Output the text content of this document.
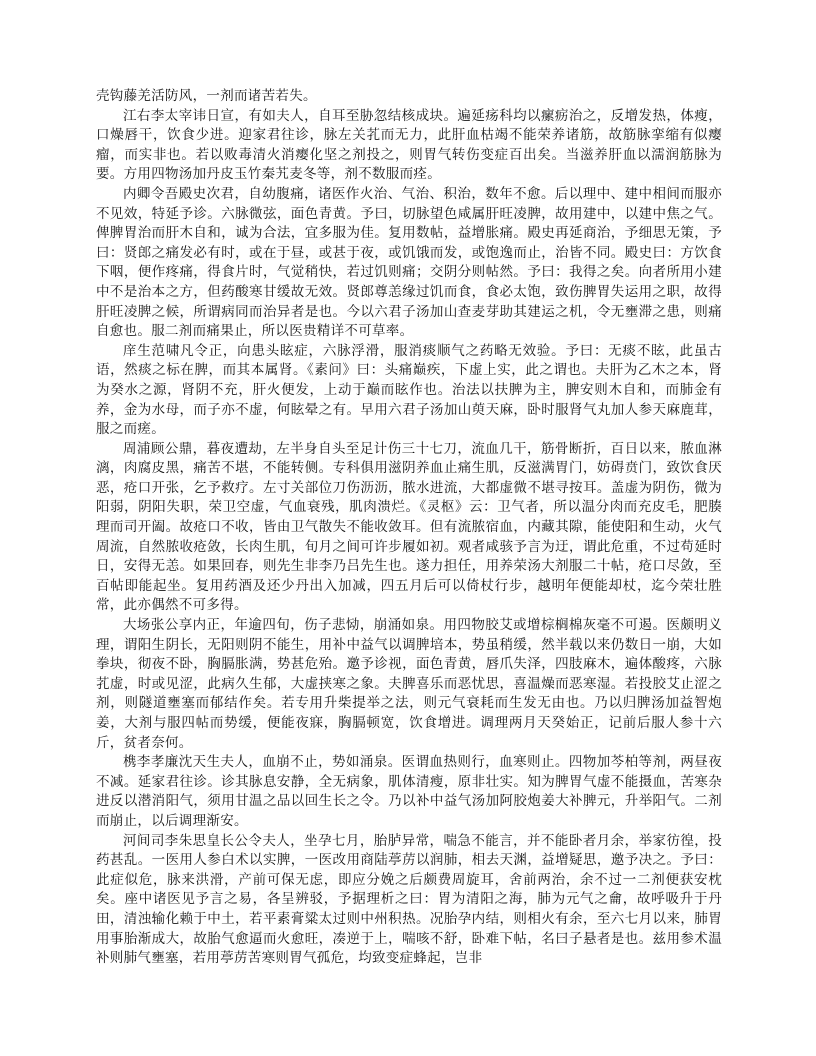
壳钩藤羌活防风，一剂而诸苦若失。

江右李太宰讳日宣，有如夫人，自耳至胁忽结核成块。遍延疡科均以瘰疬治之，反增发热，体瘦，口燥唇干，饮食少进。迎家君往诊，脉左关芤而无力，此肝血枯竭不能荣养诸筋，故筋脉挛缩有似瘿瘤，而实非也。若以败毒清火消瘿化坚之剂投之，则胃气转伤变症百出矣。当滋养肝血以濡润筋脉为要。方用四物汤加丹皮玉竹秦艽麦冬等，剂不数服而痊。

内卿令吾殿史次君，自幼腹痛，诸医作火治、气治、积治，数年不愈。后以理中、建中相间而服亦不见效，特延予诊。六脉微弦，面色青黄。予曰，切脉望色咸属肝旺凌脾，故用建中，以建中焦之气。俾脾胃治而肝木自和，诚为合法，宜多服为佳。复用数帖，益增胀痛。殿史再延商治，予细思无策，予曰：贤郎之痛发必有时，或在于昼，或甚于夜，或饥饿而发，或饱逸而止，治皆不同。殿史曰：方饮食下咽，便作疼痛，得食片时，气觉稍快，若过饥则痛；交阴分则帖然。予曰：我得之矣。向者所用小建中不是治本之方，但药酸寒甘缓故无效。贤郎尊恙缘过饥而食，食必太饱，致伤脾胃失运用之职，故得肝旺凌脾之候，所谓病同而治异者是也。今以六君子汤加山查麦芽助其建运之机，令无壅滞之患，则痛自愈也。服二剂而痛果止，所以医贵精详不可草率。

庠生范啸凡令正，向患头眩症，六脉浮滑，服消痰顺气之药略无效验。予曰：无痰不眩，此虽古语，然痰之标在脾，而其本属肾。《素问》曰：头痛巅疾，下虚上实，此之谓也。夫肝为乙木之本，肾为癸水之源，肾阴不充，肝火便发，上动于巅而眩作也。治法以扶脾为主，脾安则木自和，而肺金有养，金为水母，而子亦不虚，何眩晕之有。早用六君子汤加山萸天麻，卧时服肾气丸加人参天麻鹿茸，服之而瘥。

周浦顾公鼎，暮夜遭劫，左半身自头至足计伤三十七刀，流血几干，筋骨断折，百日以来，脓血淋漓，肉腐皮黑，痛苦不堪，不能转侧。专科俱用滋阴养血止痛生肌，反滋满胃门，妨碍贲门，致饮食厌恶，疮口开张，乞予救疗。左寸关部位刀伤沥沥，脓水进流，大都虚微不堪寻按耳。盖虚为阴伤，微为阳弱，阴阳失职，荣卫空虚，气血衰残，肌肉溃烂。《灵枢》云：卫气者，所以温分肉而充皮毛，肥腠理而司开阖。故疮口不收，皆由卫气散失不能收敛耳。但有流脓宿血，内藏其隙，能使阳和生动，火气周流，自然脓收疮敛，长肉生肌，旬月之间可许步履如初。观者咸骇予言为迂，谓此危重，不过苟延时日，安得无恙。如果回春，则先生非李乃吕先生也。遂力担任，用养荣汤大剂服二十帖，疮口尽敛，至百帖即能起坐。复用药酒及还少丹出入加减，四五月后可以倚杖行步，越明年便能却杖，迄今荣壮胜常，此亦偶然不可多得。

大场张公享内正，年逾四旬，伤子悲恸，崩涌如泉。用四物胶艾或增棕榈棉灰毫不可遏。医颇明义理，谓阳生阴长，无阳则阴不能生，用补中益气以调脾培本，势虽稍缓，然半载以来仍数日一崩，大如拳块，彻夜不卧，胸膈胀满，势甚危殆。邀予诊视，面色青黄，唇爪失泽，四肢麻木，遍体酸疼，六脉芤虚，时或见涩，此病久生郁，大虚挟寒之象。夫脾喜乐而恶忧思，喜温燥而恶寒湿。若投胶艾止涩之剂，则隧道壅塞而郁结作矣。若专用升柴提举之法，则元气衰耗而生发无由也。乃以归脾汤加益智炮姜，大剂与服四帖而势缓，便能夜寐，胸膈顿宽，饮食增进。调理两月天癸始正，记前后服人参十六斤，贫者奈何。

槜李孝廉沈天生夫人，血崩不止，势如涌泉。医谓血热则行，血寒则止。四物加芩柏等剂，两昼夜不减。延家君往诊。诊其脉息安静，全无病象，肌体清瘦，原非壮实。知为脾胃气虚不能摄血，苦寒杂进反以潜消阳气，须用甘温之品以回生长之令。乃以补中益气汤加阿胶炮姜大补脾元，升举阳气。二剂而崩止，以后调理渐安。

河间司李朱思皇长公令夫人，坐孕七月，胎胪异常，喘急不能言，并不能卧者月余，举家彷徨，投药甚乱。一医用人参白术以实脾，一医改用商陆葶苈以润肺，相去天渊，益增疑思，邀予决之。予曰：此症似危，脉来洪滑，产前可保无虑，即应分娩之后颇费周旋耳，舍前两治，余不过一二剂便获安枕矣。座中诸医见予言之易，各呈辨驳，予据理析之曰：胃为清阳之海，肺为元气之龠，故呼吸升于丹田，清浊输化赖于中土，若平素膏粱太过则中州积热。况胎孕内结，则相火有余，至六七月以来，肺胃用事胎渐成大，故胎气愈逼而火愈旺，凑逆于上，喘咳不舒，卧难下帖，名曰子悬者是也。兹用参术温补则肺气壅塞，若用葶苈苦寒则胃气孤危，均致变症蜂起，岂非
